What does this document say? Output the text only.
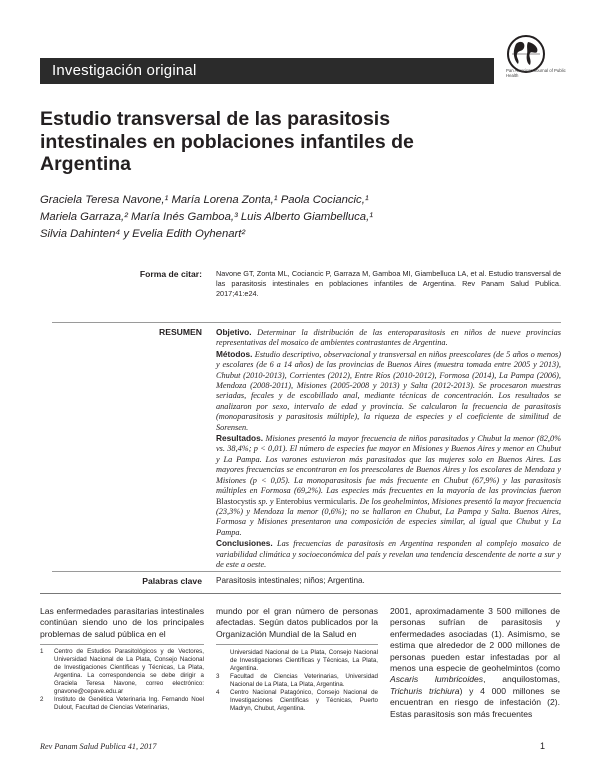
Investigación original	Pan American Journal of Public Health
Estudio transversal de las parasitosis intestinales en poblaciones infantiles de Argentina
Graciela Teresa Navone,¹ María Lorena Zonta,¹ Paola Cociancic,¹
Mariela Garraza,² María Inés Gamboa,³ Luis Alberto Giambelluca,¹
Silvia Dahinten⁴ y Evelia Edith Oyhenart²
Forma de citar: Navone GT, Zonta ML, Cociancic P, Garraza M, Gamboa MI, Giambelluca LA, et al. Estudio transversal de las parasitosis intestinales en poblaciones infantiles de Argentina. Rev Panam Salud Publica. 2017;41:e24.
RESUMEN Objetivo. Determinar la distribución de las enteroparasitosis en niños de nueve provincias representativas del mosaico de ambientes contrastantes de Argentina.

Métodos. Estudio descriptivo, observacional y transversal en niños preescolares (de 5 años o menos) y escolares (de 6 a 14 años) de las provincias de Buenos Aires (muestra tomada entre 2005 y 2013), Chubut (2010-2013), Corrientes (2012), Entre Ríos (2010-2012), Formosa (2014), La Pampa (2006), Mendoza (2008-2011), Misiones (2005-2008 y 2013) y Salta (2012-2013). Se procesaron muestras seriadas, fecales y de escobillado anal, mediante técnicas de concentración. Los resultados se analizaron por sexo, intervalo de edad y provincia. Se calcularon la frecuencia de parasitosis (monoparasitosis y parasitosis múltiple), la riqueza de especies y el coeficiente de similitud de Sorensen.

Resultados. Misiones presentó la mayor frecuencia de niños parasitados y Chubut la menor (82,0% vs. 38,4%; p < 0,01). El número de especies fue mayor en Misiones y Buenos Aires y menor en Chubut y La Pampa. Los varones estuvieron más parasitados que las mujeres solo en Buenos Aires. Las mayores frecuencias se encontraron en los preescolares de Buenos Aires y los escolares de Mendoza y Misiones (p < 0,05). La monoparasitosis fue más frecuente en Chubut (67,9%) y las parasitosis múltiples en Formosa (69,2%). Las especies más frecuentes en la mayoría de las provincias fueron Blastocystis sp. y Enterobius vermicularis. De los geohelmintos, Misiones presentó la mayor frecuencia (23,3%) y Mendoza la menor (0,6%); no se hallaron en Chubut, La Pampa y Salta. Buenos Aires, Formosa y Misiones presentaron una composición de especies similar, al igual que Chubut y La Pampa.

Conclusiones. Las frecuencias de parasitosis en Argentina responden al complejo mosaico de variabilidad climática y socioeconómica del país y revelan una tendencia descendente de norte a sur y de este a oeste.

Palabras clave Parasitosis intestinales; niños; Argentina.
Las enfermedades parasitarias intestinales continúan siendo uno de los principales problemas de salud pública en el
mundo por el gran número de personas afectadas. Según datos publicados por la Organización Mundial de la Salud en
2001, aproximadamente 3 500 millones de personas sufrían de parasitosis y enfermedades asociadas (1). Asimismo, se estima que alrededor de 2 000 millones de personas pueden estar infestadas por al menos una especie de geohelmintos (como Ascaris lumbricoides, anquilostomas, Trichuris trichiura) y 4 000 millones se encuentran en riesgo de infestación (2). Estas parasitosis son más frecuentes
1 Centro de Estudios Parasitológicos y de Vectores, Universidad Nacional de La Plata, Consejo Nacional de Investigaciones Científicas y Técnicas, La Plata, Argentina. La correspondencia se debe dirigir a Graciela Teresa Navone, correo electrónico: gnavone@cepave.edu.ar
2 Instituto de Genética Veterinaria Ing. Fernando Noel Dulout, Facultad de Ciencias Veterinarias,
Universidad Nacional de La Plata, Consejo Nacional de Investigaciones Científicas y Técnicas, La Plata, Argentina.
3 Facultad de Ciencias Veterinarias, Universidad Nacional de La Plata, La Plata, Argentina.
4 Centro Nacional Patagónico, Consejo Nacional de Investigaciones Científicas y Técnicas, Puerto Madryn, Chubut, Argentina.
Rev Panam Salud Publica 41, 2017	1
